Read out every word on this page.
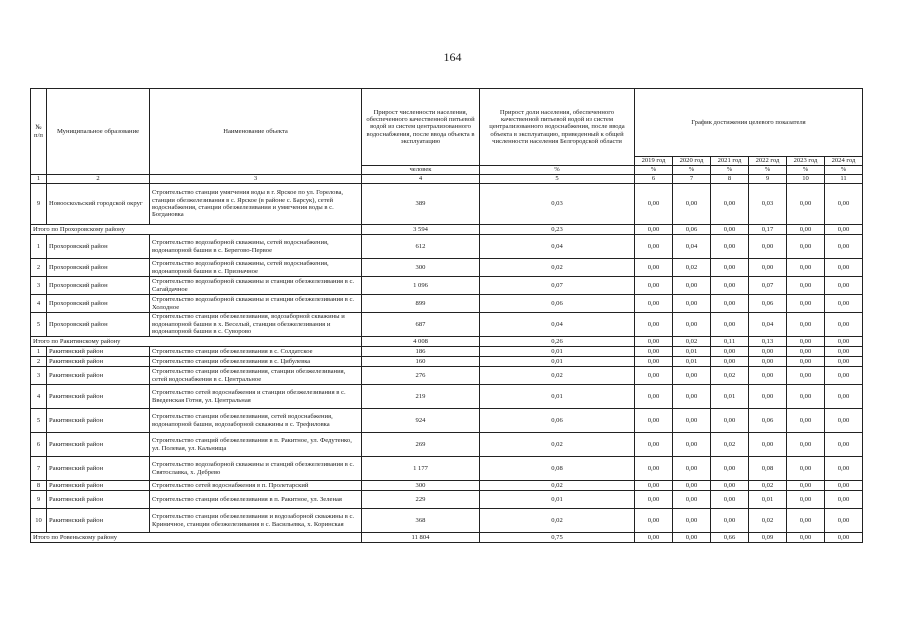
164
№ п/п	Муниципальное образование	Наименование объекта	Прирост численности населения, обеспеченного качественной питьевой водой из систем централизованного водоснабжения, после ввода объекта в эксплуатацию	Прирост доли населения, обеспеченного качественной питьевой водой из систем централизованного водоснабжения, после ввода объекта в эксплуатацию, приведенный к общей численности населения Белгородской области	График достижения целевого показателя					
					2019 год	2020 год	2021 год	2022 год	2023 год	2024 год
			человек	%	%	%	%	%	%	%
1	2	3	4	5	6	7	8	9	10	11
9	Новооскольский городской округ	Строительство станции умягчения воды в г. Ярское по ул. Горелова, станции обезжелезивания в с. Ярское (в районе с. Барсук), сетей водоснабжения, станции обезжелезивания и умягчения воды в с. Богдановка	389	0,03	0,00	0,00	0,00	0,03	0,00	0,00
Итого по Прохоровскому району			3 594	0,23	0,00	0,06	0,00	0,17	0,00	0,00
1	Прохоровский район	Строительство водозаборной скважины, сетей водоснабжения, водонапорной башни в с. Берегово-Первое	612	0,04	0,00	0,04	0,00	0,00	0,00	0,00
2	Прохоровский район	Строительство водозаборной скважины, сетей водоснабжения, водонапорной башни в с. Призначное	300	0,02	0,00	0,02	0,00	0,00	0,00	0,00
3	Прохоровский район	Строительство водозаборной скважины и станции обезжелезивания в с. Сагайдачное	1 096	0,07	0,00	0,00	0,00	0,07	0,00	0,00
4	Прохоровский район	Строительство водозаборной скважины и станции обезжелезивания в с. Холодное	899	0,06	0,00	0,00	0,00	0,06	0,00	0,00
5	Прохоровский район	Строительство станции обезжелезивания, водозаборной скважины и водонапорной башни в х. Веселый, станции обезжелезивания и водонапорной башни в с. Суворово	687	0,04	0,00	0,00	0,00	0,04	0,00	0,00
Итого по Ракитянскому району			4 008	0,26	0,00	0,02	0,11	0,13	0,00	0,00
1	Ракитянский район	Строительство станции обезжелезивания в с. Солдатское	186	0,01	0,00	0,01	0,00	0,00	0,00	0,00
2	Ракитянский район	Строительство станции обезжелезивания в с. Цибулевка	160	0,01	0,00	0,01	0,00	0,00	0,00	0,00
3	Ракитянский район	Строительство станции обезжелезивания, станции обезжелезивания, сетей водоснабжения в с. Центральное	276	0,02	0,00	0,00	0,02	0,00	0,00	0,00
4	Ракитянский район	Строительство сетей водоснабжения и станции обезжелезивания в с. Введенская Готня, ул. Центральная	219	0,01	0,00	0,00	0,01	0,00	0,00	0,00
5	Ракитянский район	Строительство станции обезжелезивания, сетей водоснабжения, водонапорной башни, водозаборной скважины в с. Трефиловка	924	0,06	0,00	0,00	0,00	0,06	0,00	0,00
6	Ракитянский район	Строительство станций обезжелезивания в п. Ракитное, ул. Федутенко, ул. Полевая, ул. Кальнища	269	0,02	0,00	0,00	0,02	0,00	0,00	0,00
7	Ракитянский район	Строительство водозаборной скважины и станций обезжелезивания в с. Святославка, х. Дебрево	1 177	0,08	0,00	0,00	0,00	0,08	0,00	0,00
8	Ракитянский район	Строительство сетей водоснабжения в п. Пролетарский	300	0,02	0,00	0,00	0,00	0,02	0,00	0,00
9	Ракитянский район	Строительство станции обезжелезивания в п. Ракитное, ул. Зеленая	229	0,01	0,00	0,00	0,00	0,01	0,00	0,00
10	Ракитянский район	Строительство станции обезжелезивания и водозаборной скважины в с. Криничное, станции обезжелезивания в с. Васильевка, х. Коринская	368	0,02	0,00	0,00	0,00	0,02	0,00	0,00
Итого по Ровеньскому району			11 804	0,75	0,00	0,00	0,66	0,09	0,00	0,00
